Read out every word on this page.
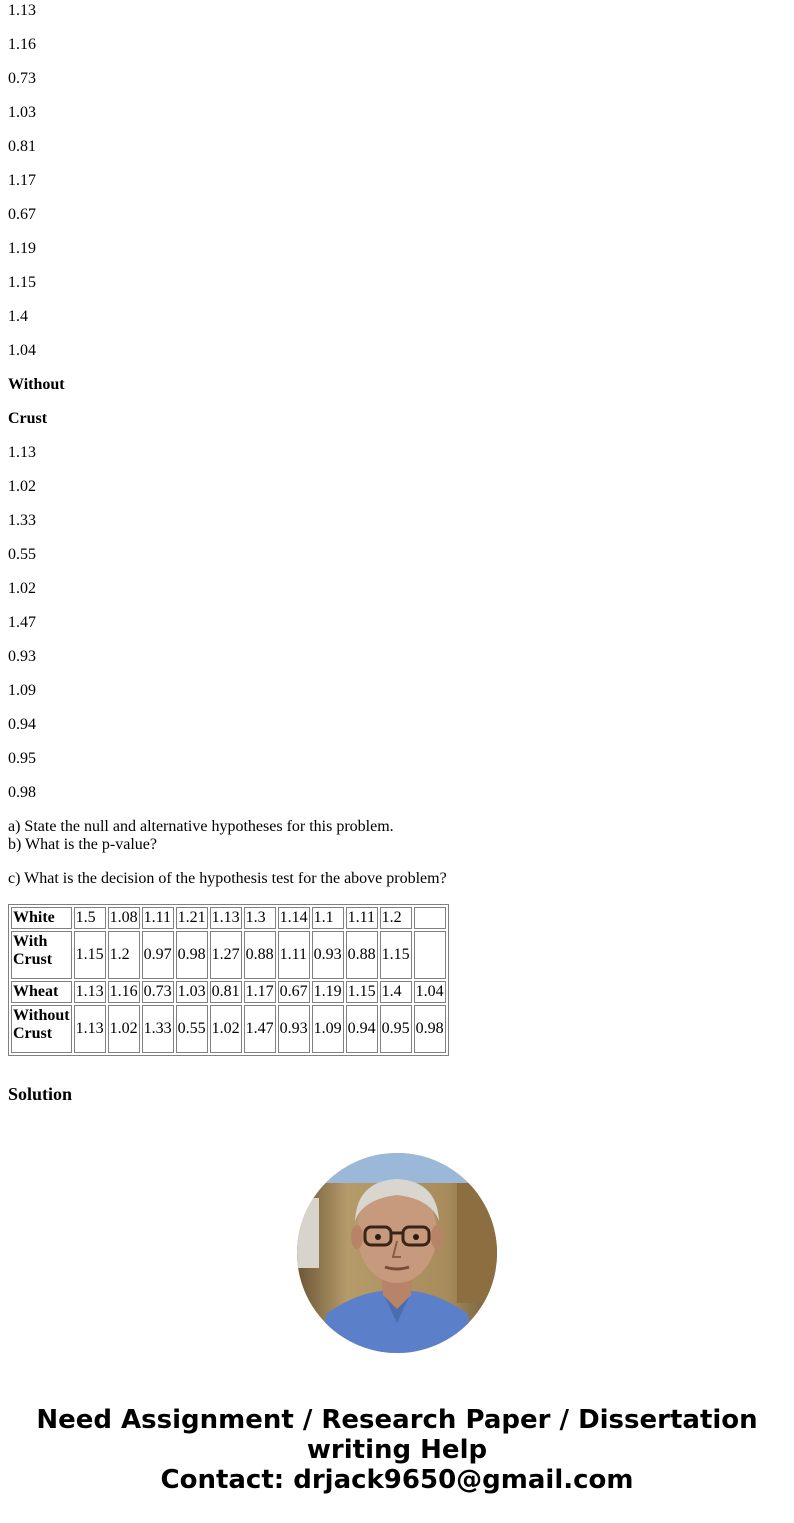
1.13
1.16
0.73
1.03
0.81
1.17
0.67
1.19
1.15
1.4
1.04
Without
Crust
1.13
1.02
1.33
0.55
1.02
1.47
0.93
1.09
0.94
0.95
0.98
a) State the null and alternative hypotheses for this problem.
b) What is the p-value?
c) What is the decision of the hypothesis test for the above problem?
White	1.5	1.08	1.11	1.21	1.13	1.3	1.14	1.1	1.11	1.2	
With
Crust	1.15	1.2	0.97	0.98	1.27	0.88	1.11	0.93	0.88	1.15	
Wheat	1.13	1.16	0.73	1.03	0.81	1.17	0.67	1.19	1.15	1.4	1.04
Without
Crust	1.13	1.02	1.33	0.55	1.02	1.47	0.93	1.09	0.94	0.95	0.98
Solution
Need Assignment / Research Paper / Dissertation
writing Help
Contact: drjack9650@gmail.com
